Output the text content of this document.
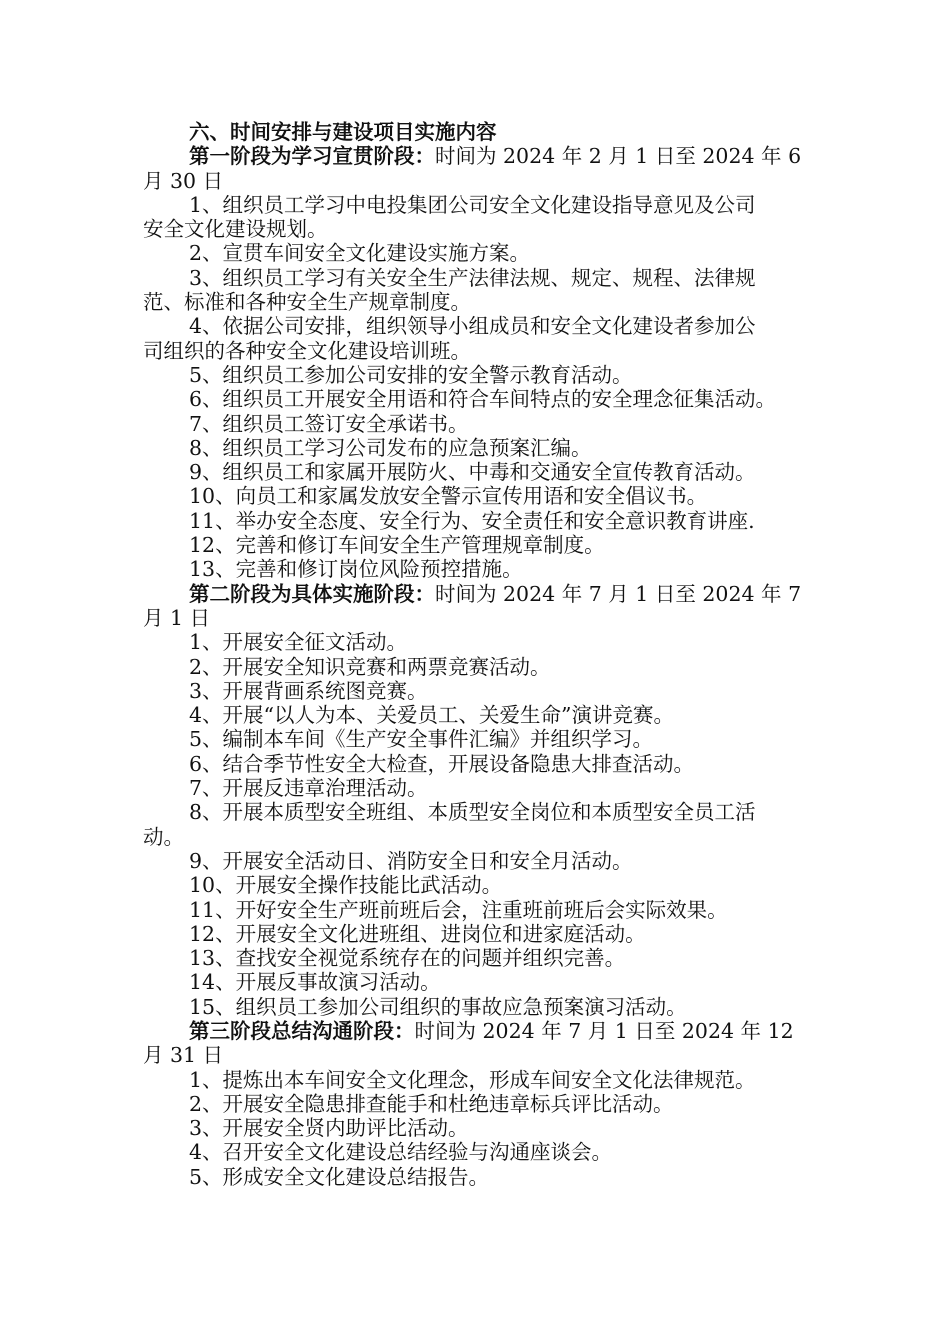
六、时间安排与建设项目实施内容
第一阶段为学习宣贯阶段：时间为 2024 年 2 月 1 日至 2024 年 6
月 30 日
1、组织员工学习中电投集团公司安全文化建设指导意见及公司
安全文化建设规划。
2、宣贯车间安全文化建设实施方案。
3、组织员工学习有关安全生产法律法规、规定、规程、法律规
范、标准和各种安全生产规章制度。
4、依据公司安排，组织领导小组成员和安全文化建设者参加公
司组织的各种安全文化建设培训班。
5、组织员工参加公司安排的安全警示教育活动。
6、组织员工开展安全用语和符合车间特点的安全理念征集活动。
7、组织员工签订安全承诺书。
8、组织员工学习公司发布的应急预案汇编。
9、组织员工和家属开展防火、中毒和交通安全宣传教育活动。
10、向员工和家属发放安全警示宣传用语和安全倡议书。
11、举办安全态度、安全行为、安全责任和安全意识教育讲座.
12、完善和修订车间安全生产管理规章制度。
13、完善和修订岗位风险预控措施。
第二阶段为具体实施阶段：时间为 2024 年 7 月 1 日至 2024 年 7
月 1 日
1、开展安全征文活动。
2、开展安全知识竞赛和两票竞赛活动。
3、开展背画系统图竞赛。
4、开展“以人为本、关爱员工、关爱生命”演讲竞赛。
5、编制本车间《生产安全事件汇编》并组织学习。
6、结合季节性安全大检查，开展设备隐患大排查活动。
7、开展反违章治理活动。
8、开展本质型安全班组、本质型安全岗位和本质型安全员工活
动。
9、开展安全活动日、消防安全日和安全月活动。
10、开展安全操作技能比武活动。
11、开好安全生产班前班后会，注重班前班后会实际效果。
12、开展安全文化进班组、进岗位和进家庭活动。
13、查找安全视觉系统存在的问题并组织完善。
14、开展反事故演习活动。
15、组织员工参加公司组织的事故应急预案演习活动。
第三阶段总结沟通阶段：时间为 2024 年 7 月 1 日至 2024 年 12
月 31 日
1、提炼出本车间安全文化理念，形成车间安全文化法律规范。
2、开展安全隐患排查能手和杜绝违章标兵评比活动。
3、开展安全贤内助评比活动。
4、召开安全文化建设总结经验与沟通座谈会。
5、形成安全文化建设总结报告。
